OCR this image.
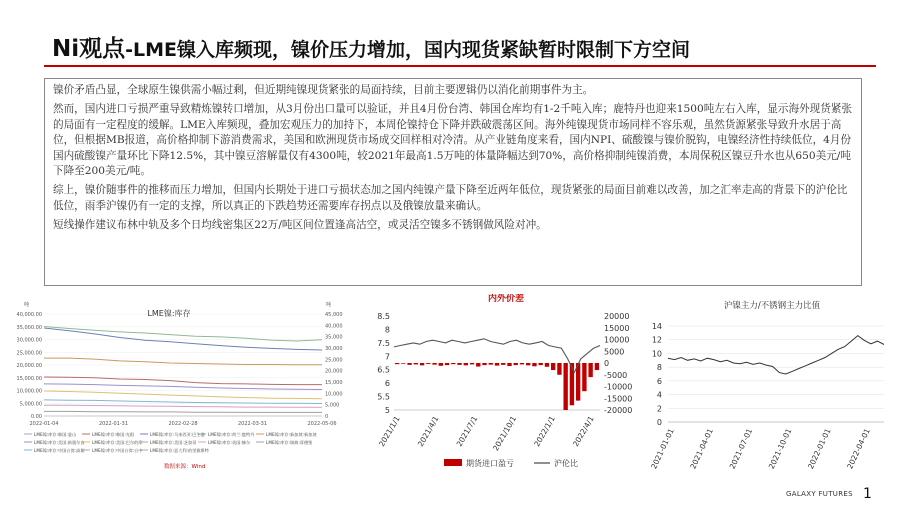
Ni观点-LME镍入库频现，镍价压力增加，国内现货紧缺暂时限制下方空间

镍价矛盾凸显，全球原生镍供需小幅过剩，但近期纯镍现货紧张的局面持续，目前主要逻辑仍以消化前期事件为主。

然而，国内进口亏损严重导致精炼镍转口增加，从3月份出口量可以验证，并且4月份台湾、韩国仓库均有1-2千吨入库；鹿特丹也迎来1500吨左右入库，显示海外现货紧张的局面有一定程度的缓解。LME入库频现，叠加宏观压力的加持下，本周伦镍持仓下降并跌破震荡区间。海外纯镍现货市场同样不容乐观，虽然货源紧张导致升水居于高位，但根据MB报道，高价格抑制下游消费需求，美国和欧洲现货市场成交回样相对冷清。从产业链角度来看，国内NPI、硫酸镍与镍价脱钩，电镍经济性持续低位，4月份国内硫酸镍产量环比下降12.5%，其中镍豆溶解量仅有4300吨，较2021年最高1.5万吨的体量降幅达到70%，高价格抑制纯镍消费，本周保税区镍豆升水也从650美元/吨下降至200美元/吨。

综上，镍价随事件的推移而压力增加，但国内长期处于进口亏损状态加之国内纯镍产量下降至近两年低位，现货紧张的局面目前难以改善，加之汇率走高的背景下的沪伦比低位，雨季沪镍仍有一定的支撑，所以真正的下跌趋势还需要库存拐点以及俄镍放量来确认。

短线操作建议布林中轨及多个日均线密集区22万/吨区间位置逢高沽空，或灵活空镍多不锈钢做风险对冲。

40,000.00
35,000.00
30,000.00
25,000.00
20,000.00
15,000.00
10,000.00
5,000.00
0.00
45,000
40,000
35,000
30,000
25,000
20,000
15,000
10,000
5,000
0
2022-01-04	2022-01-31	2022-02-28	2022-03-31	2022-05-06
LME镍:库存:韩国:釜山	LME镍:库存:韩国:光阳	LME镍:库存:马来西亚:巴生港 LME镍:库存:荷兰:鹿特丹	LME镍:库存:新加坡:新加坡
LME镍:库存:美国:新奥尔良 LME镍:库存:美国:巴尔的摩 LME镍:库存:美国:芝加哥	LME镍:库存:英国:赫尔	LME镍:库存:瑞典:哥德堡
LME镍:库存:中国台湾:高雄 LME镍:库存:中国台湾:台中 LME镍:库存:意大利:的里雅斯特
数据来源：Wind
吨	吨
LME镍:库存
内外价差
8.5
8
7.5
7
6.5
6
5.5
5
20000
15000
10000
5000
0
-5000
-10000
-15000
-20000
2021/1/1 2021/4/1 2021/7/1 2021/10/1 2022/1/1 2022/4/1
期货进口盈亏	沪伦比
沪镍主力/不锈钢主力比值
14
12
10
8
6
4
2
0
2021-01-01 2021-04-01 2021-07-01 2021-10-01 2022-01-01 2022-04-01
GALAXY FUTURES 1
